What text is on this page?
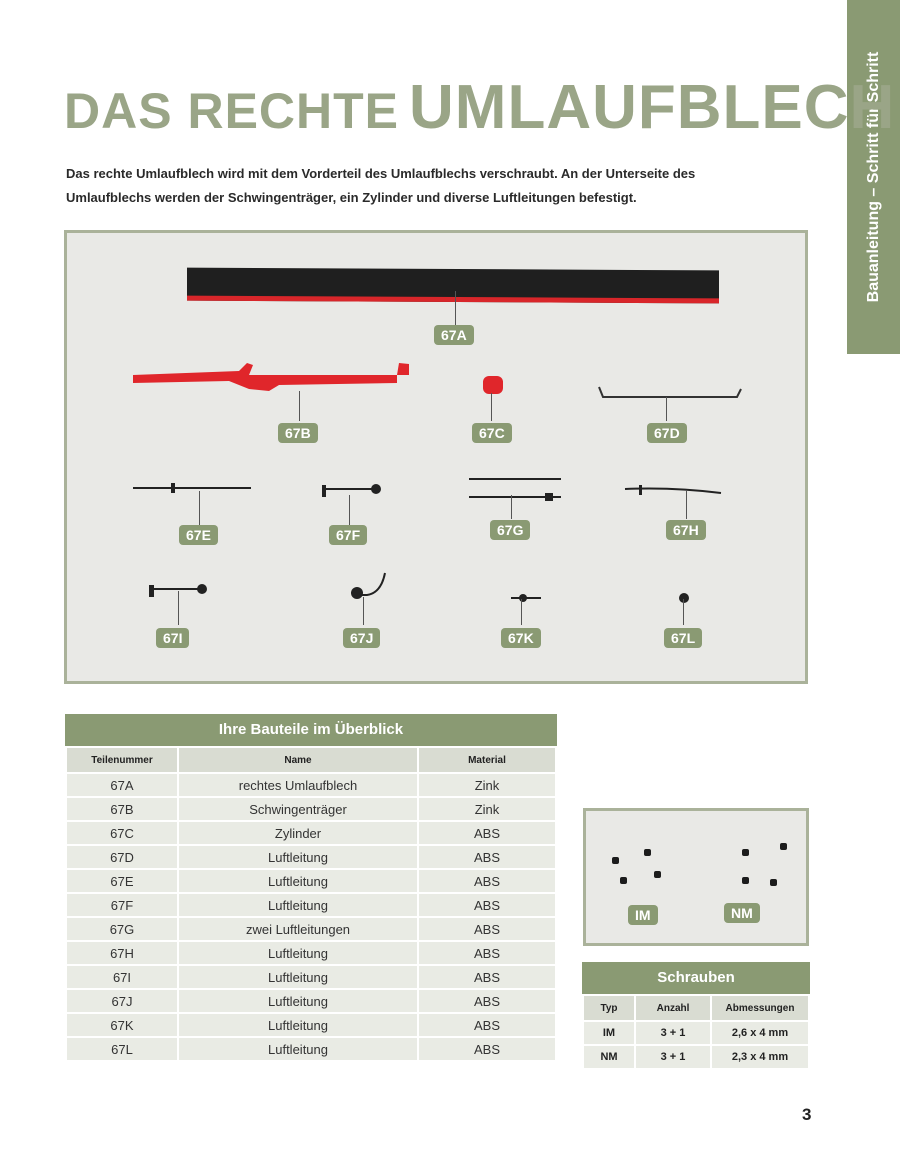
Bauanleitung – Schritt für Schritt
DAS RECHTE UMLAUFBLECH
Das rechte Umlaufblech wird mit dem Vorderteil des Umlaufblechs verschraubt. An der Unterseite des Umlaufblechs werden der Schwingenträger, ein Zylinder und diverse Luftleitungen befestigt.
67A
67B	67C	67D
67E	67F	67G	67H
67I	67J	67K	67L
Ihre Bauteile im Überblick
Teilenummer	Name	Material
67A	rechtes Umlaufblech	Zink
67B	Schwingenträger	Zink
67C	Zylinder	ABS
67D	Luftleitung	ABS
67E	Luftleitung	ABS
67F	Luftleitung	ABS
67G	zwei Luftleitungen	ABS
67H	Luftleitung	ABS
67I	Luftleitung	ABS
67J	Luftleitung	ABS
67K	Luftleitung	ABS
67L	Luftleitung	ABS
IM	NM
Schrauben
Typ	Anzahl	Abmessungen
IM	3 + 1	2,6 x 4 mm
NM	3 + 1	2,3 x 4 mm
3
